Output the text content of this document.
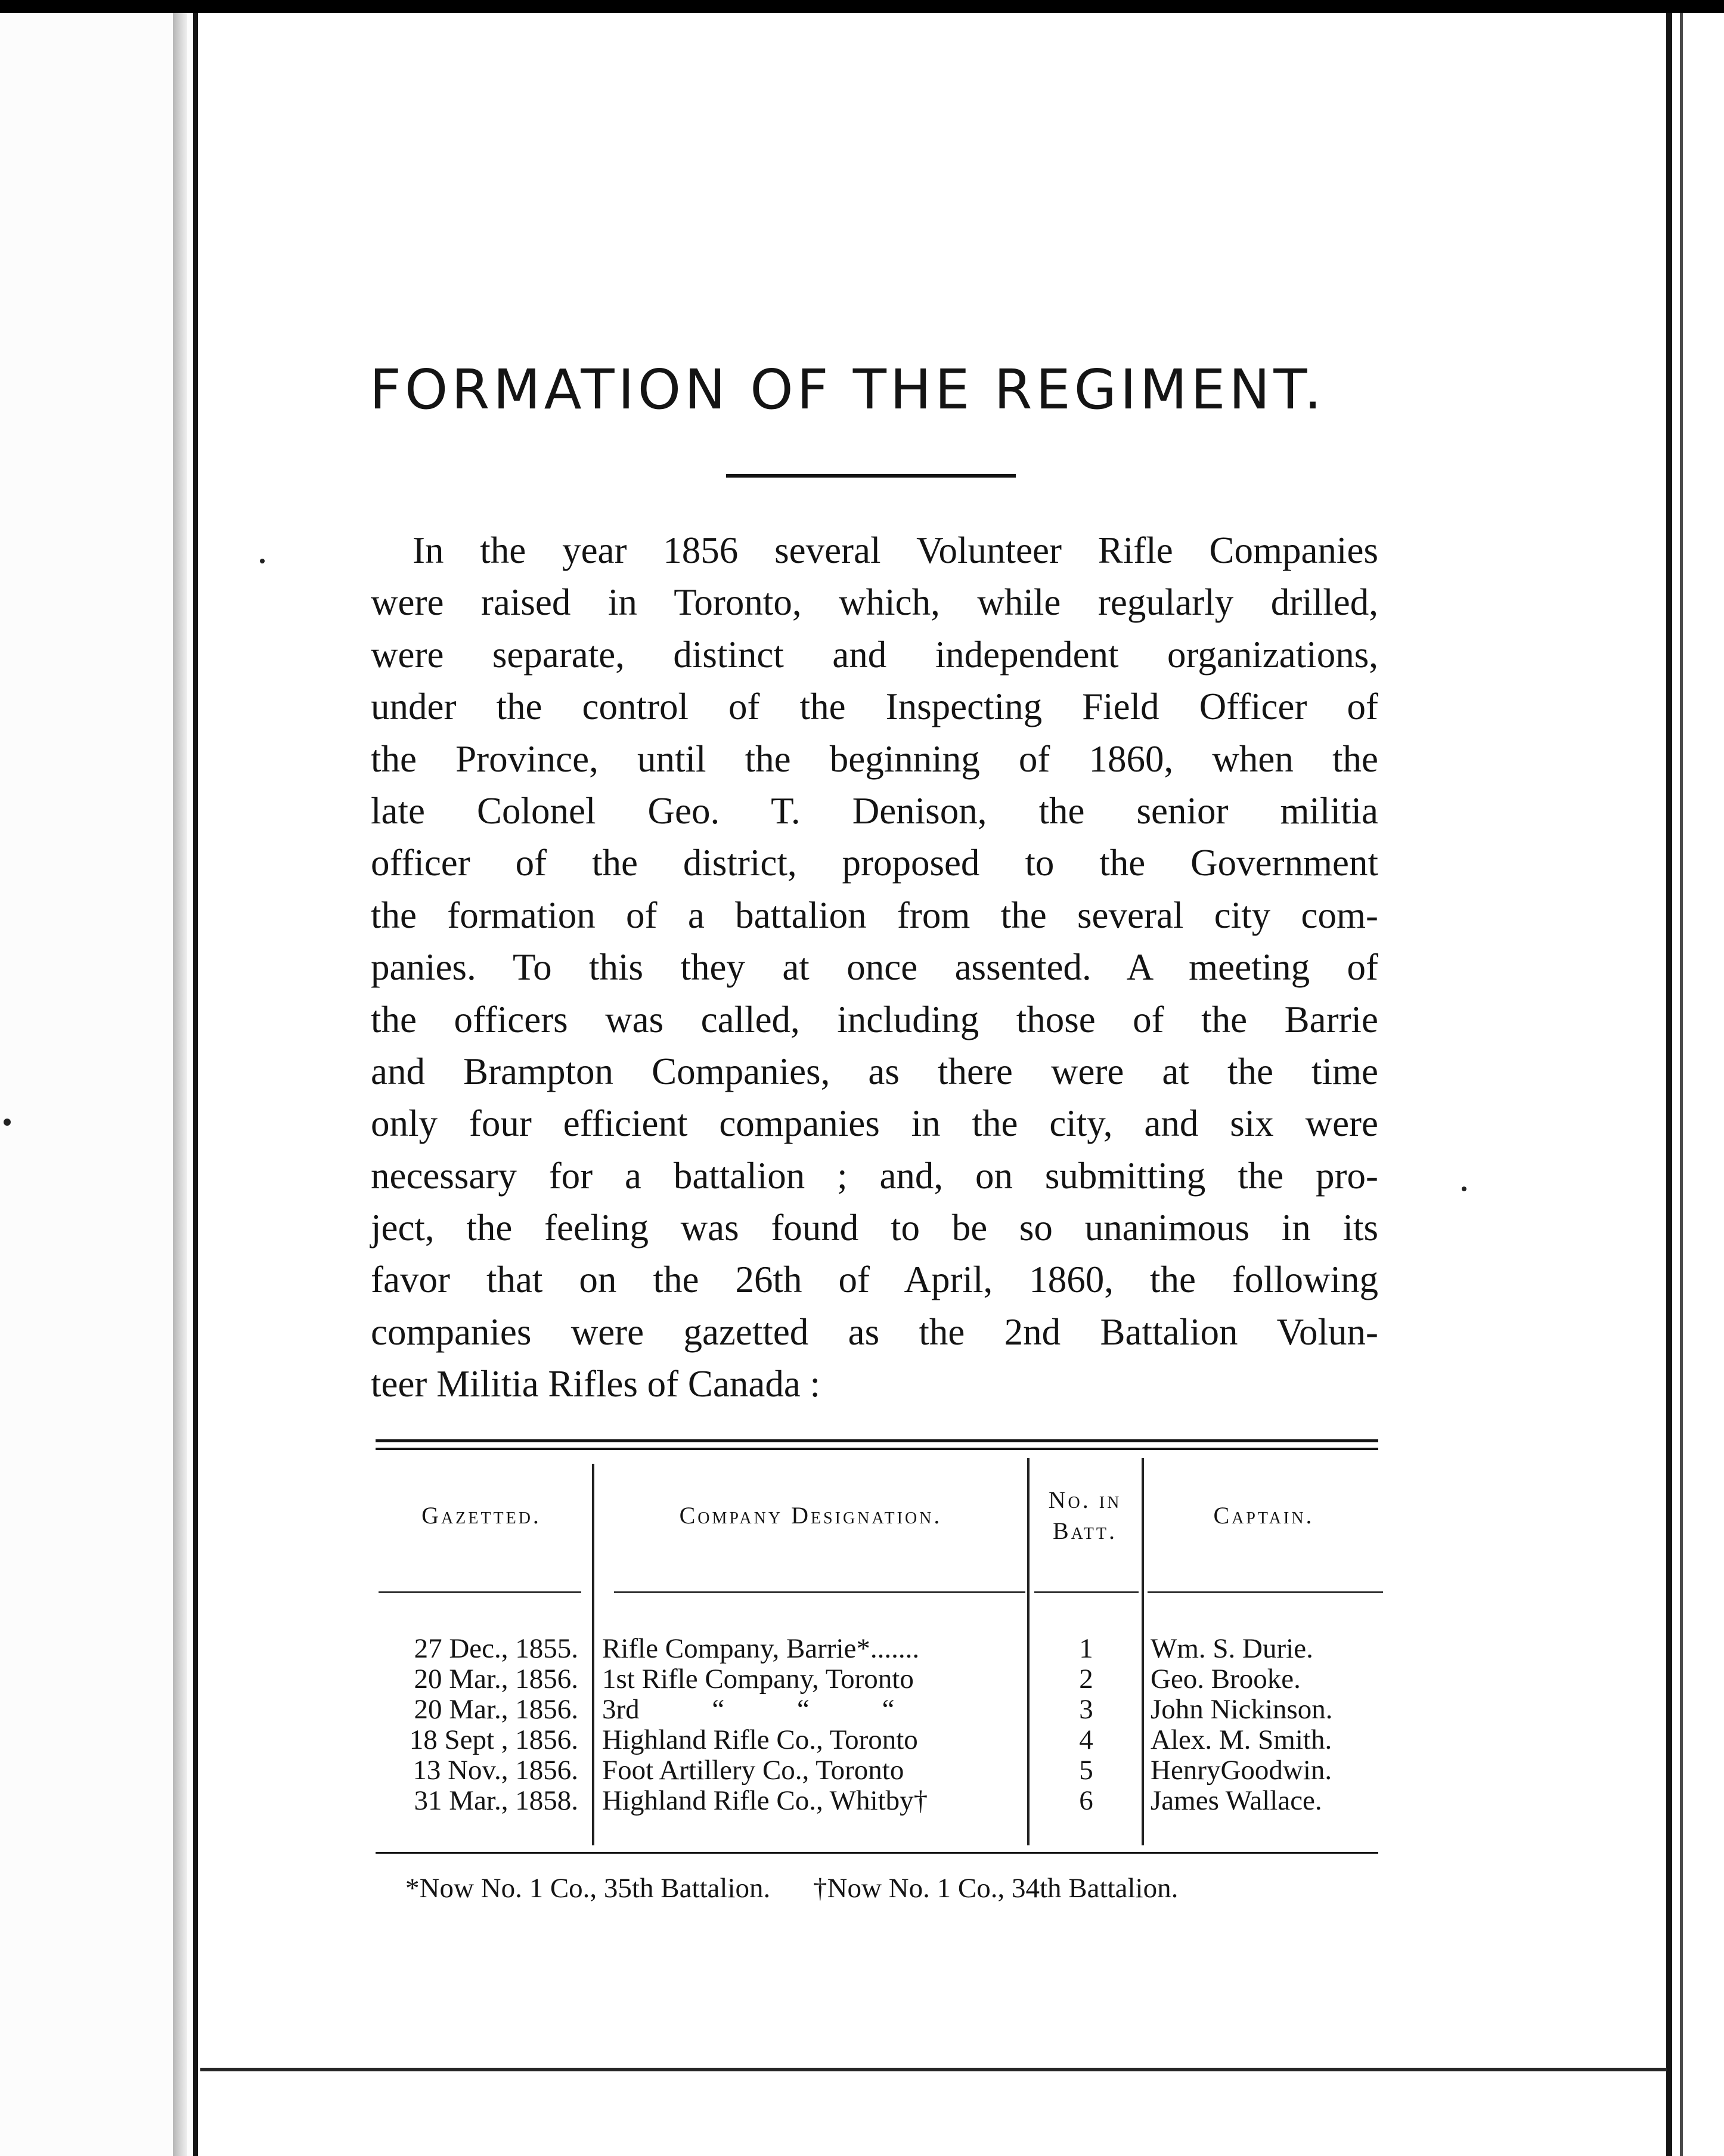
FORMATION OF THE REGIMENT.
In the year 1856 several Volunteer Rifle Companies
were raised in Toronto, which, while regularly drilled,
were separate, distinct and independent organizations,
under the control of the Inspecting Field Officer of
the Province, until the beginning of 1860, when the
late Colonel Geo. T. Denison, the senior militia
officer of the district, proposed to the Government
the formation of a battalion from the several city com-
panies. To this they at once assented. A meeting of
the officers was called, including those of the Barrie
and Brampton Companies, as there were at the time
only four efficient companies in the city, and six were
necessary for a battalion ; and, on submitting the pro-
ject, the feeling was found to be so unanimous in its
favor that on the 26th of April, 1860, the following
companies were gazetted as the 2nd Battalion Volun-
teer Militia Rifles of Canada :
Gazetted.	Company Designation.
No. in
Batt.
Captain.
27 Dec., 1855.
20 Mar., 1856.
20 Mar., 1856.
18 Sept , 1856.
13 Nov., 1856.
31 Mar., 1858.
Rifle Company, Barrie*.......
1st Rifle Company, Toronto
3rd “ “ “
Highland Rifle Co., Toronto
Foot Artillery Co., Toronto
Highland Rifle Co., Whitby†
1
2
3
4
5
6
Wm. S. Durie.
Geo. Brooke.
John Nickinson.
Alex. M. Smith.
HenryGoodwin.
James Wallace.
*Now No. 1 Co., 35th Battalion. †Now No. 1 Co., 34th Battalion.
